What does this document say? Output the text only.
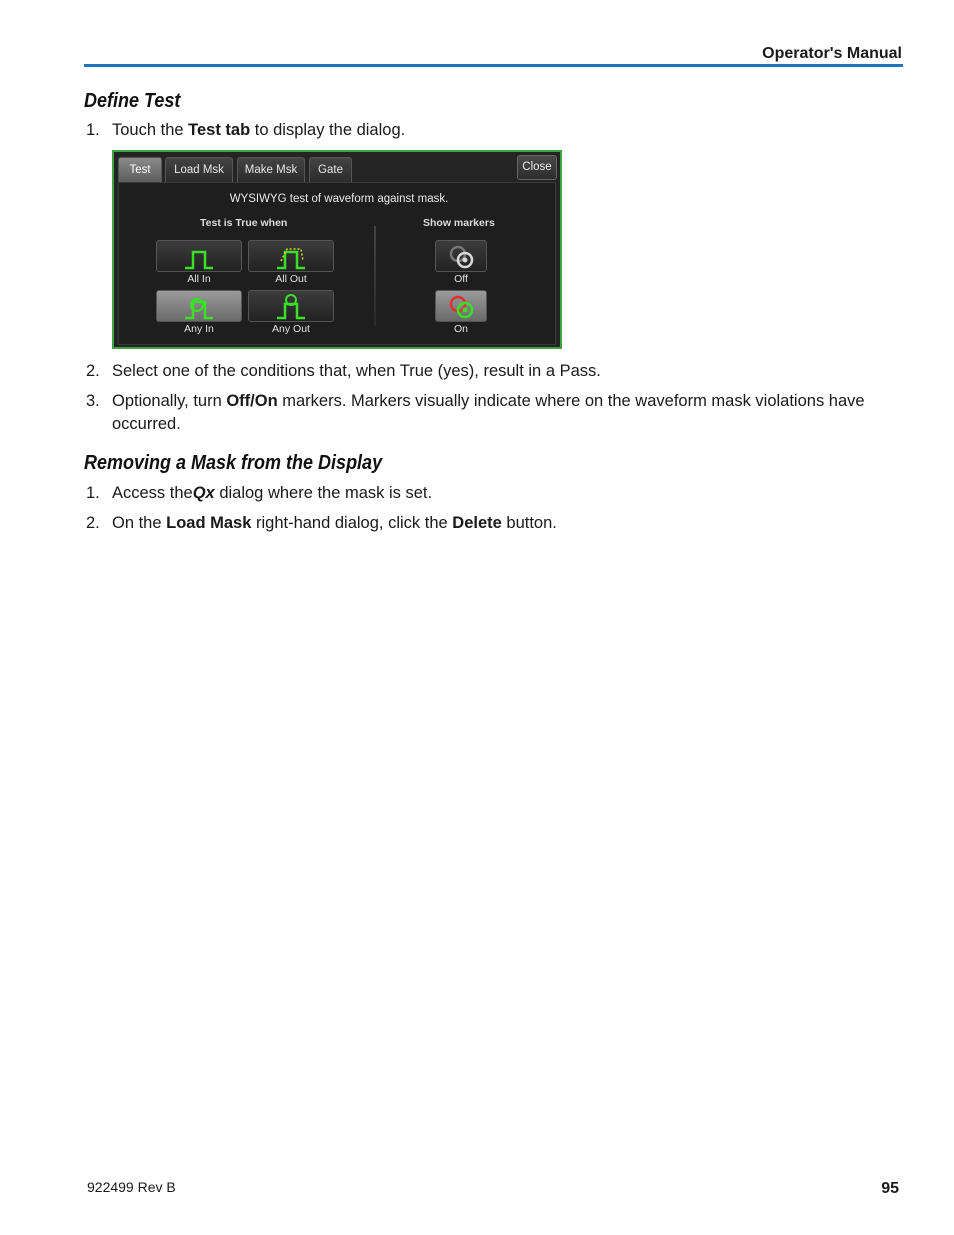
Operator's Manual
Define Test
1. Touch the Test tab to display the dialog.
Test	Load Msk	Make Msk	Gate	Close
WYSIWYG test of waveform against mask.
Test is True when	Show markers
All In	All Out
Any In	Any Out
Off
On
2. Select one of the conditions that, when True (yes), result in a Pass.
3. Optionally, turn Off/On markers. Markers visually indicate where on the waveform mask violations have occurred.
Removing a Mask from the Display
1. Access theQx dialog where the mask is set.
2. On the Load Mask right-hand dialog, click the Delete button.
922499 Rev B	95
